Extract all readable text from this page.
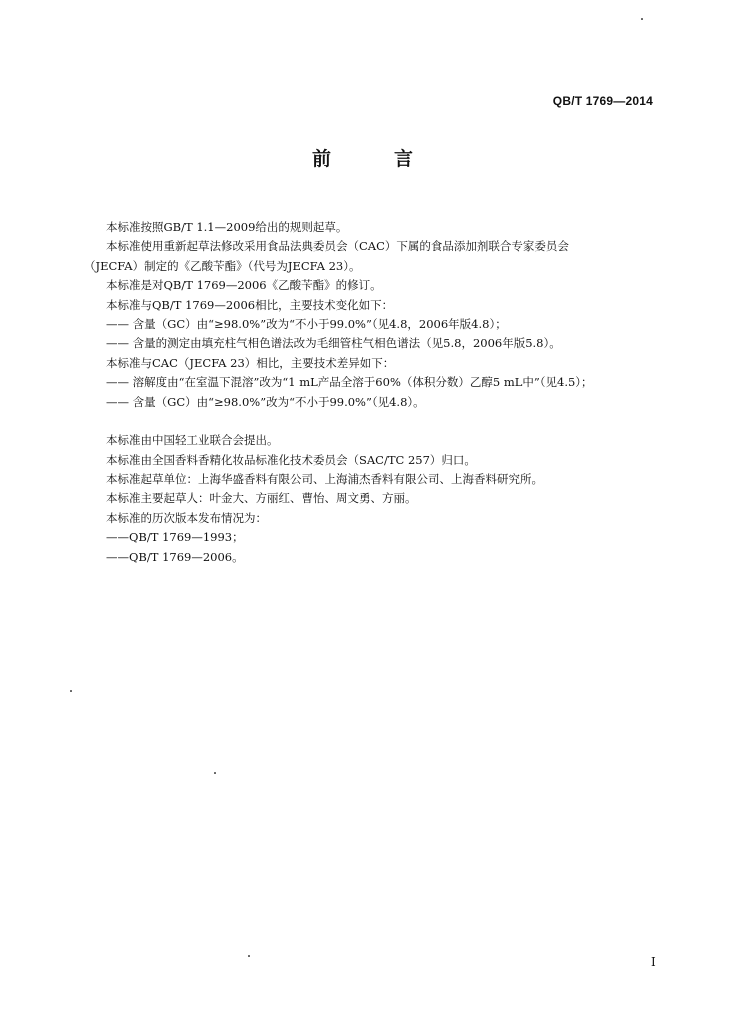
QB/T 1769—2014
前　言
本标准按照GB/T 1.1—2009给出的规则起草。
本标准使用重新起草法修改采用食品法典委员会（CAC）下属的食品添加剂联合专家委员会
（JECFA）制定的《乙酸苄酯》（代号为JECFA 23）。
本标准是对QB/T 1769—2006《乙酸苄酯》的修订。
本标准与QB/T 1769—2006相比，主要技术变化如下：
—— 含量（GC）由“≥98.0%”改为“不小于99.0%”（见4.8，2006年版4.8）；
—— 含量的测定由填充柱气相色谱法改为毛细管柱气相色谱法（见5.8，2006年版5.8）。
本标准与CAC（JECFA 23）相比，主要技术差异如下：
—— 溶解度由“在室温下混溶”改为“1 mL产品全溶于60%（体积分数）乙醇5 mL中”（见4.5）；
—— 含量（GC）由“≥98.0%”改为“不小于99.0%”（见4.8）。
本标准由中国轻工业联合会提出。
本标准由全国香料香精化妆品标准化技术委员会（SAC/TC 257）归口。
本标准起草单位：上海华盛香料有限公司、上海浦杰香料有限公司、上海香料研究所。
本标准主要起草人：叶金大、方丽红、曹怡、周文勇、方丽。
本标准的历次版本发布情况为：
——QB/T 1769—1993；
——QB/T 1769—2006。
I
